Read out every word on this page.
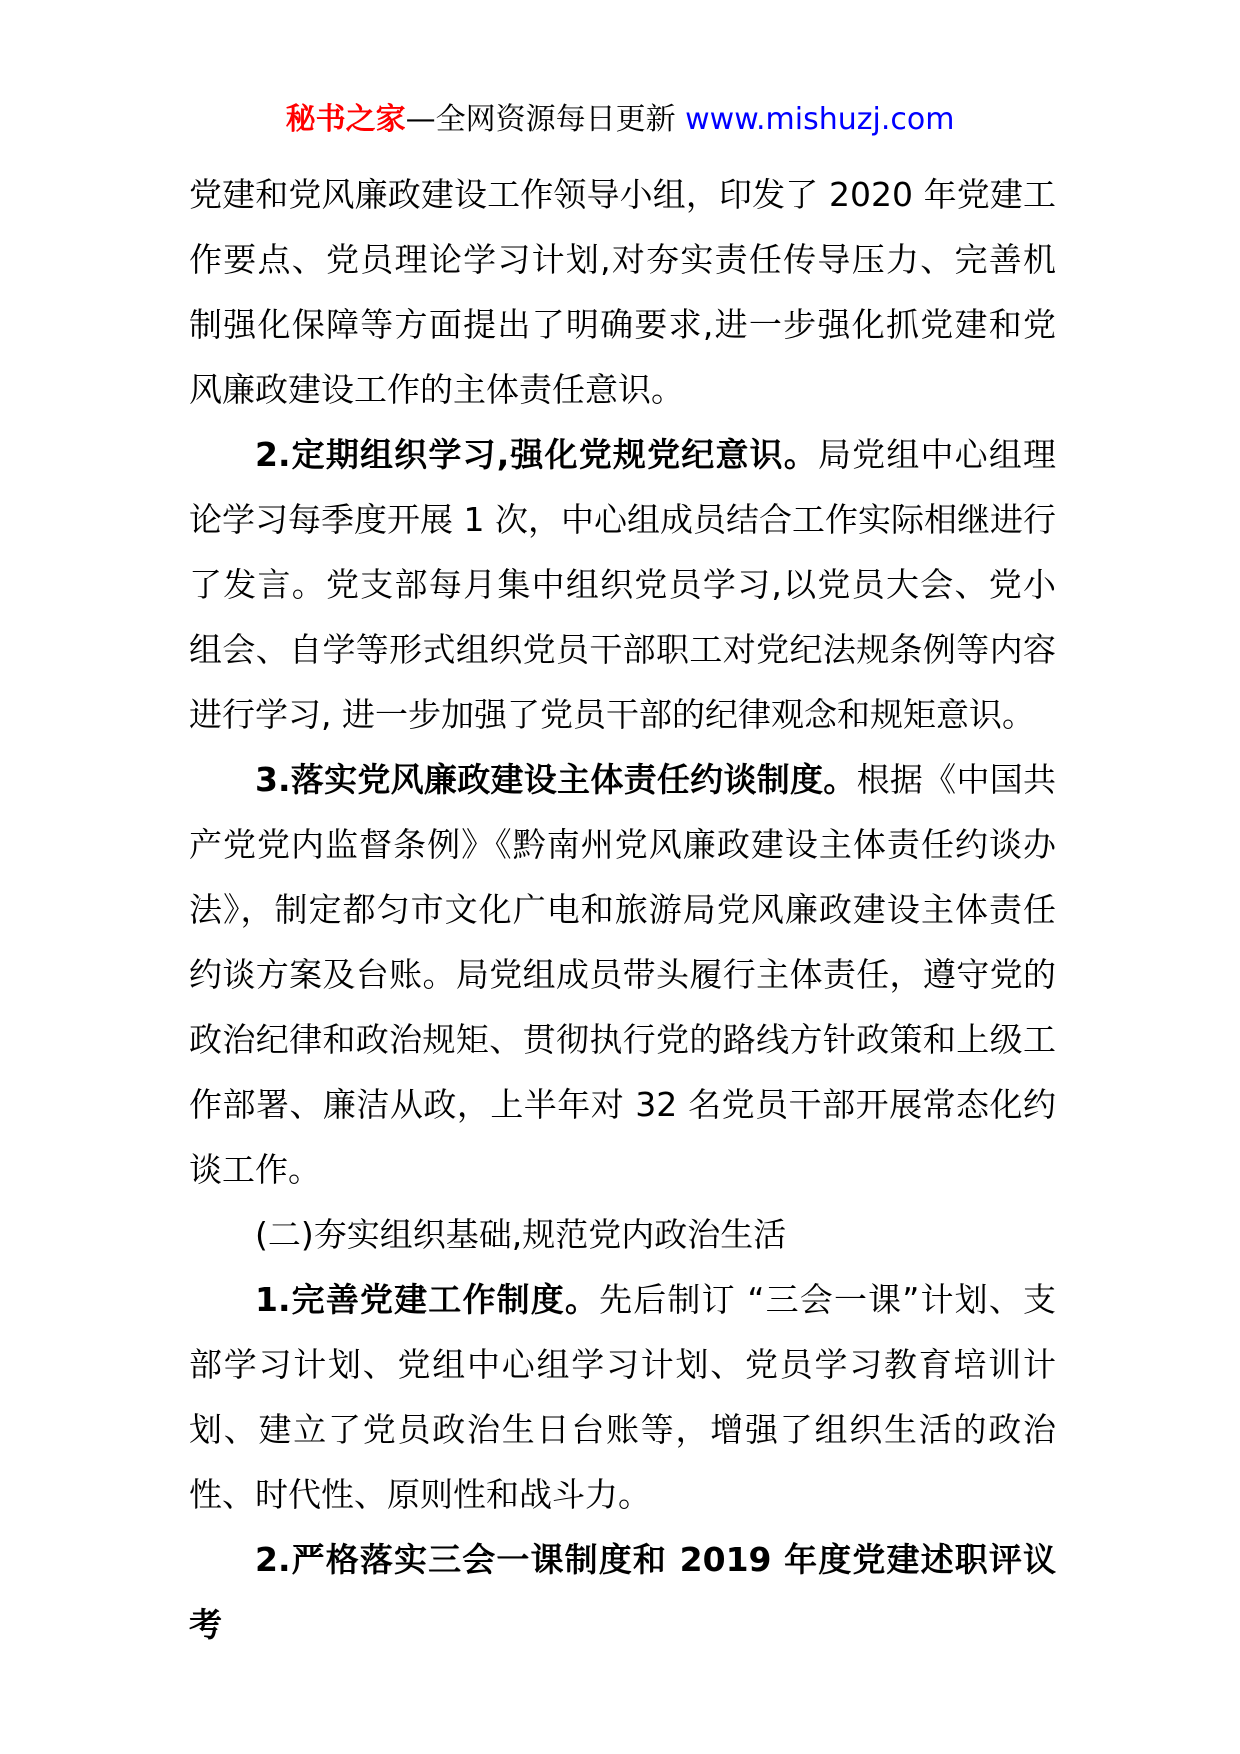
秘书之家—全网资源每日更新 www.mishuzj.com

党建和党风廉政建设工作领导小组，印发了 2020 年党建工作要点、党员理论学习计划,对夯实责任传导压力、完善机制强化保障等方面提出了明确要求,进一步强化抓党建和党风廉政建设工作的主体责任意识。

2.定期组织学习,强化党规党纪意识。局党组中心组理论学习每季度开展 1 次，中心组成员结合工作实际相继进行了发言。党支部每月集中组织党员学习,以党员大会、党小组会、自学等形式组织党员干部职工对党纪法规条例等内容进行学习, 进一步加强了党员干部的纪律观念和规矩意识。

3.落实党风廉政建设主体责任约谈制度。根据《中国共产党党内监督条例》《黔南州党风廉政建设主体责任约谈办法》，制定都匀市文化广电和旅游局党风廉政建设主体责任约谈方案及台账。局党组成员带头履行主体责任，遵守党的政治纪律和政治规矩、贯彻执行党的路线方针政策和上级工作部署、廉洁从政，上半年对 32 名党员干部开展常态化约谈工作。

(二)夯实组织基础,规范党内政治生活

1.完善党建工作制度。先后制订 “三会一课”计划、支部学习计划、党组中心组学习计划、党员学习教育培训计划、建立了党员政治生日台账等，增强了组织生活的政治性、时代性、原则性和战斗力。

2.严格落实三会一课制度和 2019 年度党建述职评议考
